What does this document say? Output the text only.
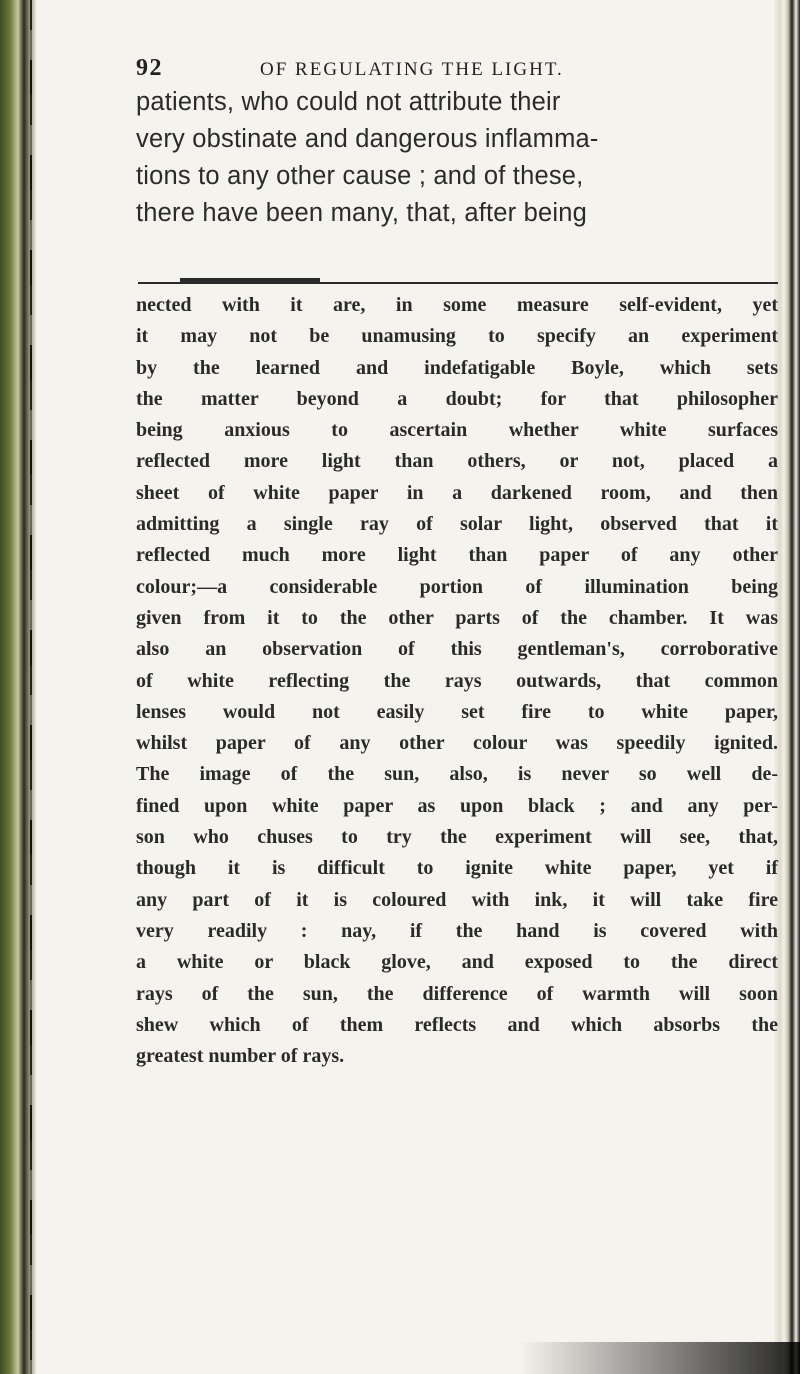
92	OF REGULATING THE LIGHT.
patients, who could not attribute their
very obstinate and dangerous inflamma-
tions to any other cause ; and of these,
there have been many, that, after being
nected with it are, in some measure self-evident, yet
it may not be unamusing to specify an experiment
by the learned and indefatigable Boyle, which sets
the matter beyond a doubt; for that philosopher
being anxious to ascertain whether white surfaces
reflected more light than others, or not, placed a
sheet of white paper in a darkened room, and then
admitting a single ray of solar light, observed that it
reflected much more light than paper of any other
colour;—a considerable portion of illumination being
given from it to the other parts of the chamber. It was
also an observation of this gentleman's, corroborative
of white reflecting the rays outwards, that common
lenses would not easily set fire to white paper,
whilst paper of any other colour was speedily ignited.
The image of the sun, also, is never so well de-
fined upon white paper as upon black ; and any per-
son who chuses to try the experiment will see, that,
though it is difficult to ignite white paper, yet if
any part of it is coloured with ink, it will take fire
very readily : nay, if the hand is covered with
a white or black glove, and exposed to the direct
rays of the sun, the difference of warmth will soon
shew which of them reflects and which absorbs the
greatest number of rays.
